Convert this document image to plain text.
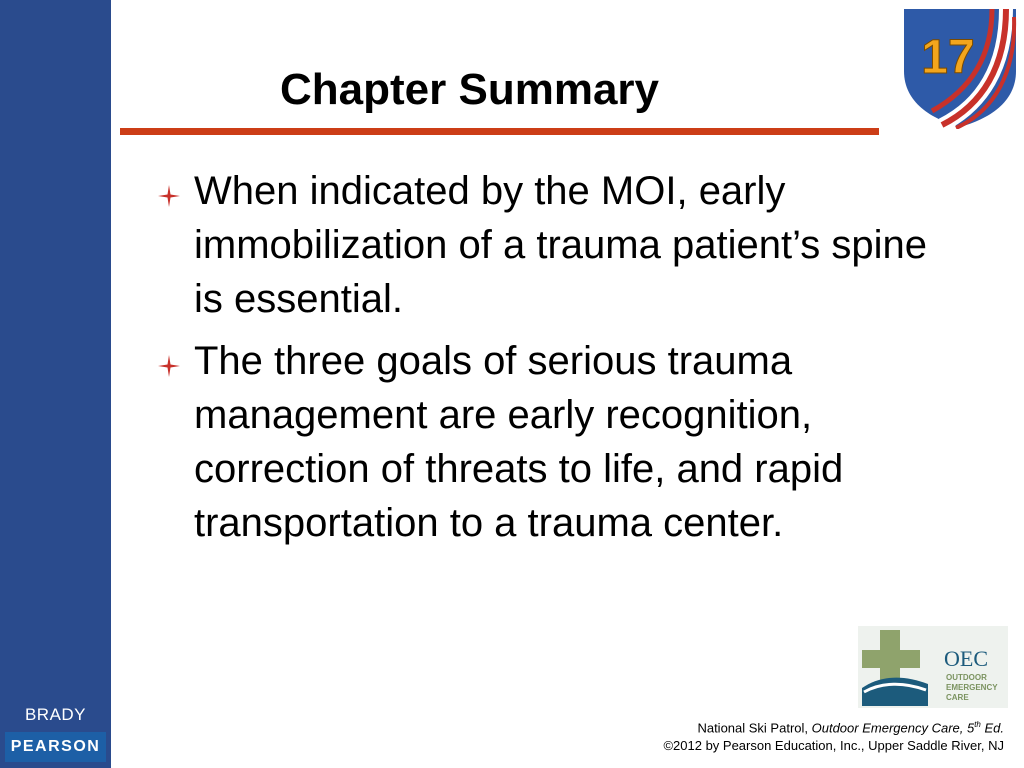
BRADY
PEARSON
Chapter Summary
17
When indicated by the MOI, early immobilization of a trauma patient’s spine is essential.
The three goals of serious trauma management are early recognition, correction of threats to life, and rapid transportation to a trauma center.
OEC
OUTDOOR
EMERGENCY
CARE
National Ski Patrol, Outdoor Emergency Care, 5th Ed.
©2012 by Pearson Education, Inc., Upper Saddle River, NJ
